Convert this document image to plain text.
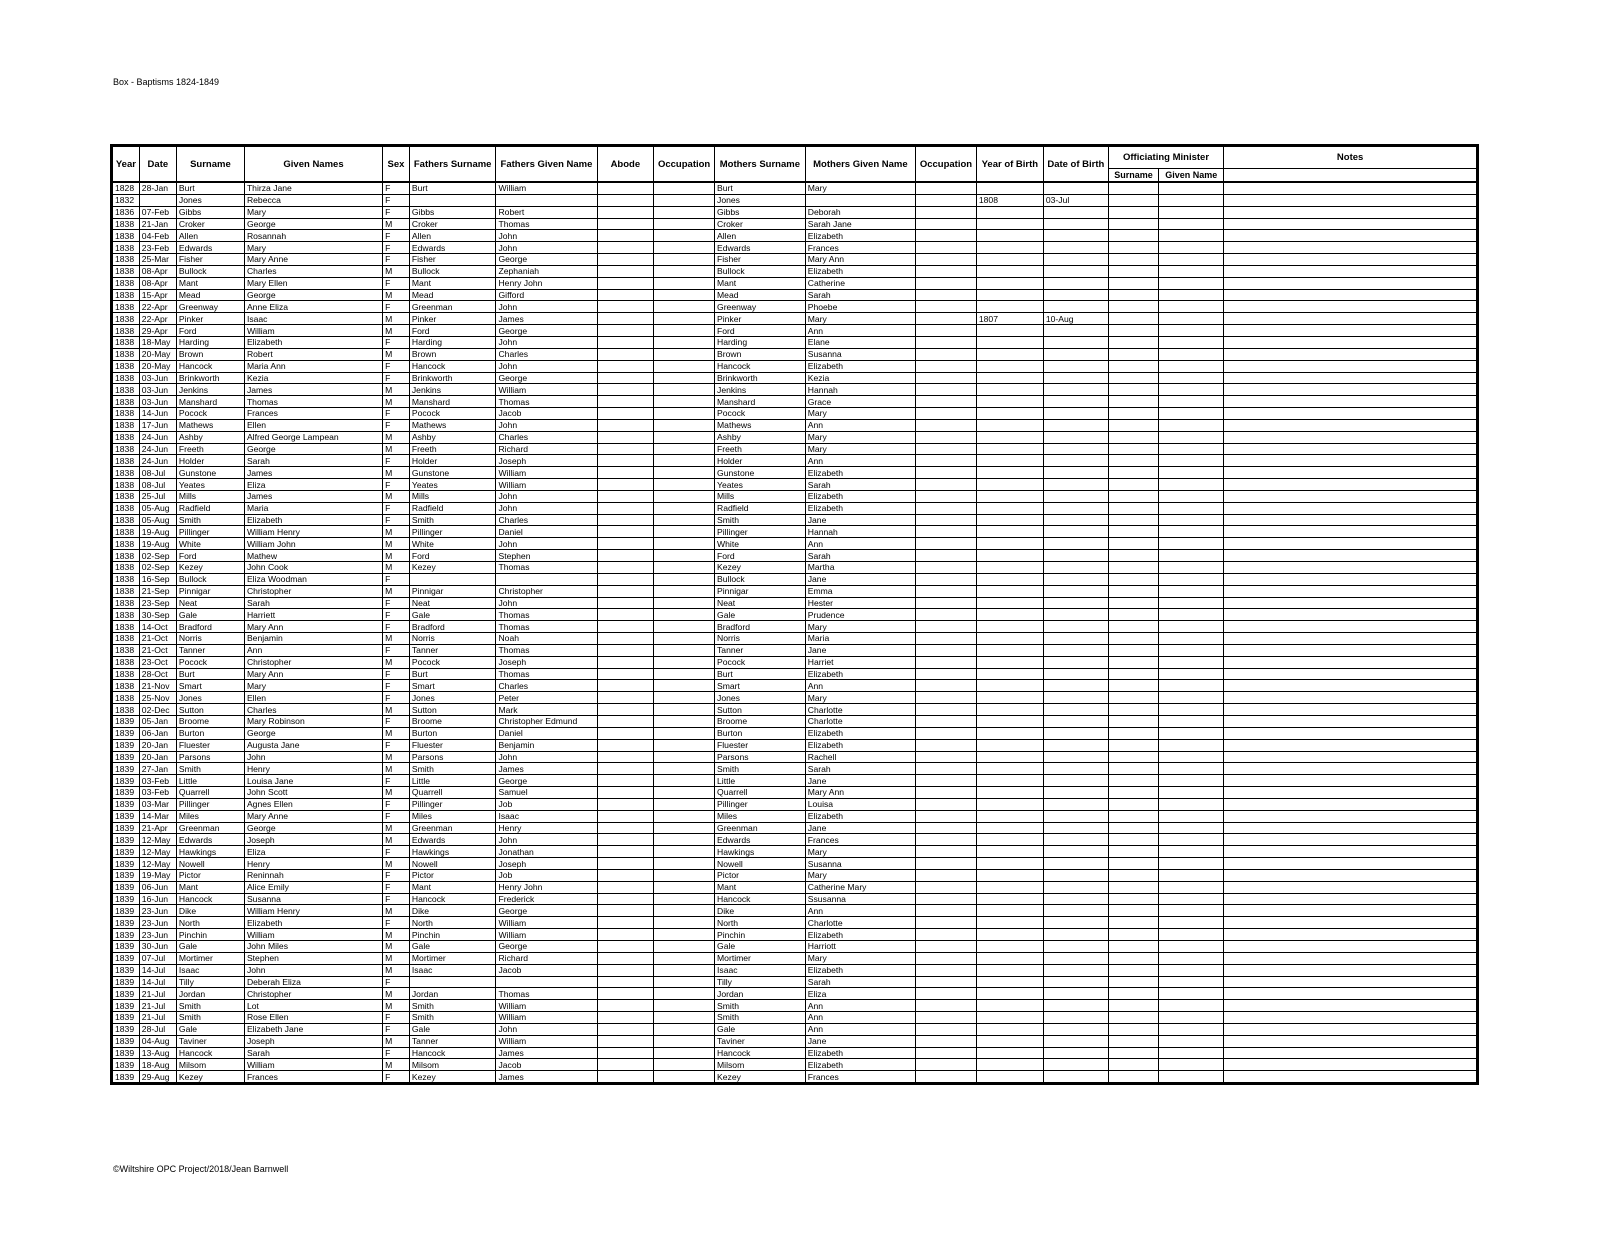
Box - Baptisms 1824-1849
Year	Date	Surname	Given Names	Sex	Fathers Surname	Fathers Given Name	Abode	Occupation	Mothers Surname	Mothers Given Name	Occupation	Year of Birth	Date of Birth	Officiating Minister		Notes
														Surname	Given Name	
1828	28-Jan	Burt	Thirza Jane	F	Burt	William			Burt	Mary						
1832		Jones	Rebecca	F					Jones			1808	03-Jul			
1836	07-Feb	Gibbs	Mary	F	Gibbs	Robert			Gibbs	Deborah						
1838	21-Jan	Croker	George	M	Croker	Thomas			Croker	Sarah Jane						
1838	04-Feb	Allen	Rosannah	F	Allen	John			Allen	Elizabeth						
1838	23-Feb	Edwards	Mary	F	Edwards	John			Edwards	Frances						
1838	25-Mar	Fisher	Mary Anne	F	Fisher	George			Fisher	Mary Ann						
1838	08-Apr	Bullock	Charles	M	Bullock	Zephaniah			Bullock	Elizabeth						
1838	08-Apr	Mant	Mary Ellen	F	Mant	Henry John			Mant	Catherine						
1838	15-Apr	Mead	George	M	Mead	Gifford			Mead	Sarah						
1838	22-Apr	Greenway	Anne Eliza	F	Greenman	John			Greenway	Phoebe						
1838	22-Apr	Pinker	Isaac	M	Pinker	James			Pinker	Mary		1807	10-Aug			
1838	29-Apr	Ford	William	M	Ford	George			Ford	Ann						
1838	18-May	Harding	Elizabeth	F	Harding	John			Harding	Elane						
1838	20-May	Brown	Robert	M	Brown	Charles			Brown	Susanna						
1838	20-May	Hancock	Maria Ann	F	Hancock	John			Hancock	Elizabeth						
1838	03-Jun	Brinkworth	Kezia	F	Brinkworth	George			Brinkworth	Kezia						
1838	03-Jun	Jenkins	James	M	Jenkins	William			Jenkins	Hannah						
1838	03-Jun	Manshard	Thomas	M	Manshard	Thomas			Manshard	Grace						
1838	14-Jun	Pocock	Frances	F	Pocock	Jacob			Pocock	Mary						
1838	17-Jun	Mathews	Ellen	F	Mathews	John			Mathews	Ann						
1838	24-Jun	Ashby	Alfred George Lampean	M	Ashby	Charles			Ashby	Mary						
1838	24-Jun	Freeth	George	M	Freeth	Richard			Freeth	Mary						
1838	24-Jun	Holder	Sarah	F	Holder	Joseph			Holder	Ann						
1838	08-Jul	Gunstone	James	M	Gunstone	William			Gunstone	Elizabeth						
1838	08-Jul	Yeates	Eliza	F	Yeates	William			Yeates	Sarah						
1838	25-Jul	Mills	James	M	Mills	John			Mills	Elizabeth						
1838	05-Aug	Radfield	Maria	F	Radfield	John			Radfield	Elizabeth						
1838	05-Aug	Smith	Elizabeth	F	Smith	Charles			Smith	Jane						
1838	19-Aug	Pillinger	William Henry	M	Pillinger	Daniel			Pillinger	Hannah						
1838	19-Aug	White	William John	M	White	John			White	Ann						
1838	02-Sep	Ford	Mathew	M	Ford	Stephen			Ford	Sarah						
1838	02-Sep	Kezey	John Cook	M	Kezey	Thomas			Kezey	Martha						
1838	16-Sep	Bullock	Eliza Woodman	F					Bullock	Jane						
1838	21-Sep	Pinnigar	Christopher	M	Pinnigar	Christopher			Pinnigar	Emma						
1838	23-Sep	Neat	Sarah	F	Neat	John			Neat	Hester						
1838	30-Sep	Gale	Harriett	F	Gale	Thomas			Gale	Prudence						
1838	14-Oct	Bradford	Mary Ann	F	Bradford	Thomas			Bradford	Mary						
1838	21-Oct	Norris	Benjamin	M	Norris	Noah			Norris	Maria						
1838	21-Oct	Tanner	Ann	F	Tanner	Thomas			Tanner	Jane						
1838	23-Oct	Pocock	Christopher	M	Pocock	Joseph			Pocock	Harriet						
1838	28-Oct	Burt	Mary Ann	F	Burt	Thomas			Burt	Elizabeth						
1838	21-Nov	Smart	Mary	F	Smart	Charles			Smart	Ann						
1838	25-Nov	Jones	Ellen	F	Jones	Peter			Jones	Mary						
1838	02-Dec	Sutton	Charles	M	Sutton	Mark			Sutton	Charlotte						
1839	05-Jan	Broome	Mary Robinson	F	Broome	Christopher Edmund			Broome	Charlotte						
1839	06-Jan	Burton	George	M	Burton	Daniel			Burton	Elizabeth						
1839	20-Jan	Fluester	Augusta Jane	F	Fluester	Benjamin			Fluester	Elizabeth						
1839	20-Jan	Parsons	John	M	Parsons	John			Parsons	Rachell						
1839	27-Jan	Smith	Henry	M	Smith	James			Smith	Sarah						
1839	03-Feb	Little	Louisa Jane	F	Little	George			Little	Jane						
1839	03-Feb	Quarrell	John Scott	M	Quarrell	Samuel			Quarrell	Mary Ann						
1839	03-Mar	Pillinger	Agnes Ellen	F	Pillinger	Job			Pillinger	Louisa						
1839	14-Mar	Miles	Mary Anne	F	Miles	Isaac			Miles	Elizabeth						
1839	21-Apr	Greenman	George	M	Greenman	Henry			Greenman	Jane						
1839	12-May	Edwards	Joseph	M	Edwards	John			Edwards	Frances						
1839	12-May	Hawkings	Eliza	F	Hawkings	Jonathan			Hawkings	Mary						
1839	12-May	Nowell	Henry	M	Nowell	Joseph			Nowell	Susanna						
1839	19-May	Pictor	Reninnah	F	Pictor	Job			Pictor	Mary						
1839	06-Jun	Mant	Alice Emily	F	Mant	Henry John			Mant	Catherine Mary						
1839	16-Jun	Hancock	Susanna	F	Hancock	Frederick			Hancock	Ssusanna						
1839	23-Jun	Dike	William Henry	M	Dike	George			Dike	Ann						
1839	23-Jun	North	Elizabeth	F	North	William			North	Charlotte						
1839	23-Jun	Pinchin	William	M	Pinchin	William			Pinchin	Elizabeth						
1839	30-Jun	Gale	John Miles	M	Gale	George			Gale	Harriott						
1839	07-Jul	Mortimer	Stephen	M	Mortimer	Richard			Mortimer	Mary						
1839	14-Jul	Isaac	John	M	Isaac	Jacob			Isaac	Elizabeth						
1839	14-Jul	Tilly	Deberah Eliza	F					Tilly	Sarah						
1839	21-Jul	Jordan	Christopher	M	Jordan	Thomas			Jordan	Eliza						
1839	21-Jul	Smith	Lot	M	Smith	William			Smith	Ann						
1839	21-Jul	Smith	Rose Ellen	F	Smith	William			Smith	Ann						
1839	28-Jul	Gale	Elizabeth Jane	F	Gale	John			Gale	Ann						
1839	04-Aug	Taviner	Joseph	M	Tanner	William			Taviner	Jane						
1839	13-Aug	Hancock	Sarah	F	Hancock	James			Hancock	Elizabeth						
1839	18-Aug	Milsom	William	M	Milsom	Jacob			Milsom	Elizabeth						
1839	29-Aug	Kezey	Frances	F	Kezey	James			Kezey	Frances						
©Wiltshire OPC Project/2018/Jean Barnwell
